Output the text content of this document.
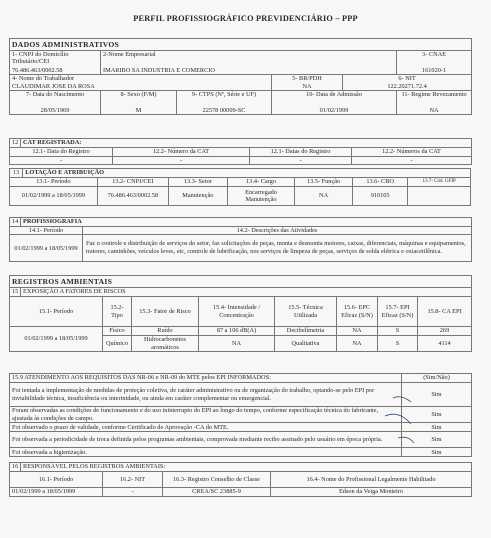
PERFIL PROFISSIOGRÁFICO PREVIDENCIÁRIO – PPP
DADOS ADMINISTRATIVOS					
1- CNPJ do Domicílio Tributário/CEI	2-Nome Empresarial				3- CNAE

76.486.463/0002.58	IMARIBO SA INDUSTRIA E COMERCIO				161020-1
4- Nome do Trabalhador			5- BR/PDH	6- NIT	
CLAUDIMAR JOSE DA ROSA			NA	122.20271.72.4	
7- Data do Nascimento	8- Sexo (F/M)	9- CTPS (Nº, Série e UF)	10- Data de Admissão		11- Regime Revezamento
28/05/1969	M	22578 00009-SC	01/02/1999		NA
12	CAT REGISTRADA:			
12.1- Data do Registro		12.2- Número da CAT	12.1- Datas do Registro	12.2- Números da CAT
-		-	-	-
13	LOTAÇÃO E ATRIBUIÇÃO						
13.1- Período		13.2- CNPJ/CEI	13.3- Setor	13.4- Cargo	13.5- Função	13.6- CBO	13.7- Cód. GFIP
01/02/1999 a 18/05/1999		76.486.463/0002.58	Manutenção	Encarregado Manutenção	NA	910105	
14	PROFISSIOGRAFIA	
14.1- Período		14.2- Descrições das Atividades
01/02/1999 a 18/05/1999		Faz o controle e distribuição de serviços do setor, faz solicitações de peças, monta e desmonta motores, caixas, diferenciais, máquinas e equipamentos, tratores, caminhões, veículos leves, etc, controle de lubrificação, nos serviços de limpeza de peças, serviços de solda elétrica e oxiacetilênica.
REGISTROS AMBIENTAIS								
15	EXPOSIÇÃO A FATORES DE RISCOS							
15.1- Período		15.2- Tipo	15.3- Fator de Risco	15.4- Intensidade / Concentração	15.5- Técnica Utilizada	15.6- EPC Eficaz (S/N)	15.7- EPI Eficaz (S/N)	15.8- CA EPI
01/02/1999 a 18/05/1999		Físico	Ruído	87 a 106 dB(A)	Decibelímetria	NA	S	269
		Químico	Hidrocarbonetos aromáticos	NA	Qualitativa	NA	S	4114
15.9 ATENDIMENTO AOS REQUISITOS DAS NR-06 e NR-09 do MTE pelos EPI INFORMADOS:	(Sim/Não)
Foi tentada a implementação de medidas de proteção coletiva, de caráter administrativo ou de organização do trabalho, optando-se pelo EPI por inviabilidade técnica, insuficiência ou interinidade, ou ainda em caráter complementar ou emergencial.	Sim
Foram observadas as condições de funcionamento e do uso ininterrupto do EPI ao longo do tempo, conforme especificação técnica do fabricante, ajustada às condições de campo.	Sim
Foi observado o prazo de validade, conforme Certificado de Aprovação -CA do MTE.	Sim
Foi observada a periodicidade de troca definida pelos programas ambientais, comprovada mediante recibo assinado pelo usuário em época própria.	Sim
Foi observada a higienização.	Sim
16	RESPONSÁVEL PELOS REGISTROS AMBIENTAIS:			
16.1- Período		16.2- NIT	16.3- Registro Conselho de Classe	16.4- Nome do Profissional Legalmente Habilitado
01/02/1999 a 18/05/1999		-	CREA/SC 23885-9	Edson da Veiga Monteiro
